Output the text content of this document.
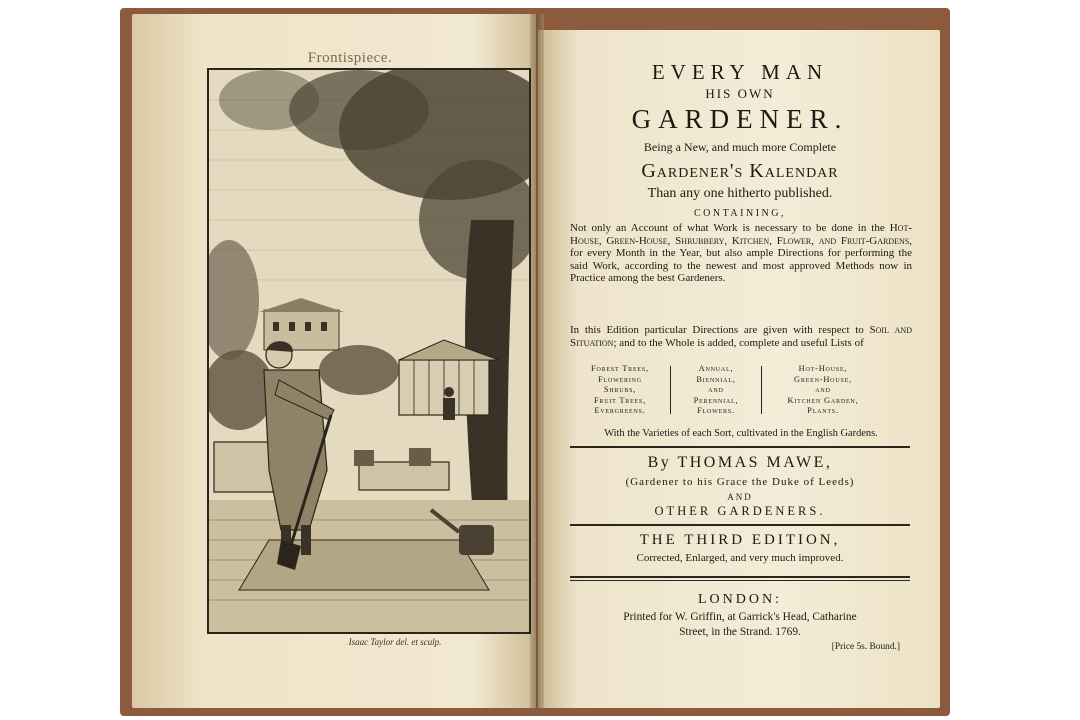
Frontispiece.
Isaac Taylor del. et sculp.
EVERY MAN
HIS OWN
GARDENER.
Being a New, and much more Complete
Gardener's Kalendar
Than any one hitherto published.
CONTAINING,
Not only an Account of what Work is necessary to be done in the Hot-House, Green-House, Shrubbery, Kitchen, Flower, and Fruit-Gardens, for every Month in the Year, but also ample Directions for performing the said Work, according to the newest and most approved Methods now in Practice among the best Gardeners.
In this Edition particular Directions are given with respect to Soil and Situation; and to the Whole is added, complete and useful Lists of
Forest Trees,
Flowering
Shrubs,
Fruit Trees,
Evergreens.
Annual,
Biennial,
and
Perennial,
Flowers.
Hot-House,
Green-House,
and
Kitchen Garden,
Plants.
With the Varieties of each Sort, cultivated in the English Gardens.
By THOMAS MAWE,
(Gardener to his Grace the Duke of Leeds)
AND
OTHER GARDENERS.
THE THIRD EDITION,
Corrected, Enlarged, and very much improved.
LONDON:
Printed for W. Griffin, at Garrick's Head, Catharine
Street, in the Strand. 1769.
[Price 5s. Bound.]
